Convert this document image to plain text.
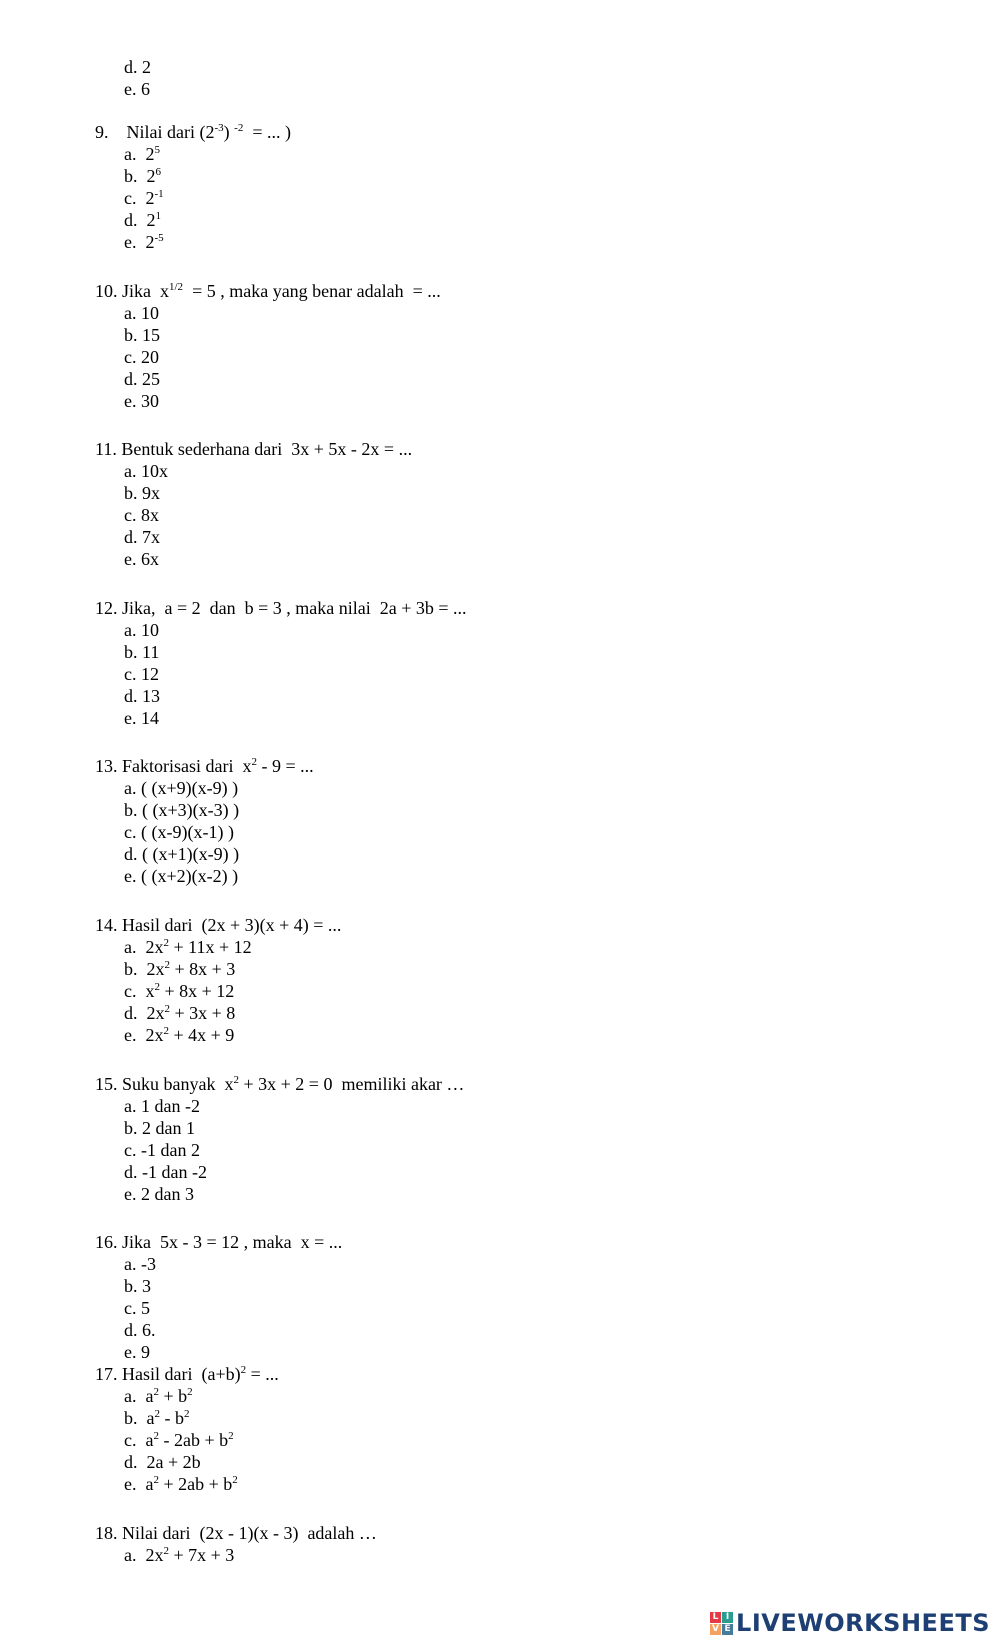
d. 2
e. 6
9.    Nilai dari $(2^{-3}) ^{-2}$  = ... )
a.  $2^5$
b.  $2^6$
c.  $2^{-1}$
d.  $2^1$
e.  $2^{-5}$
10. Jika  $x^{1/2} = 5$ , maka yang benar adalah  = ...
a. 10
b. 15
c. 20
d. 25
e. 30
11. Bentuk sederhana dari  3x + 5x - 2x = ...
a. 10x
b. 9x
c. 8x
d. 7x
e. 6x
12. Jika,  a = 2  dan  b = 3 , maka nilai  2a + 3b = ...
a. 10
b. 11
c. 12
d. 13
e. 14
13. Faktorisasi dari  $x^2 - 9$ = ...
a. ( (x+9)(x-9) )
b. ( (x+3)(x-3) )
c. ( (x-9)(x-1) )
d. ( (x+1)(x-9) )
e. ( (x+2)(x-2) )
14. Hasil dari  (2x + 3)(x + 4) = ...
a.  $2x^2 + 11x + 12$
b.  $2x^2 + 8x + 3$
c.  $x^2 + 8x + 12$
d.  $2x^2 + 3x + 8$
e.  $2x^2 + 4x + 9$
15. Suku banyak  $x^2 + 3x + 2 = 0$  memiliki akar …
a. 1 dan -2
b. 2 dan 1
c. -1 dan 2
d. -1 dan -2
e. 2 dan 3
16. Jika  5x - 3 = 12 , maka  x = ...
a. -3
b. 3
c. 5
d. 6.
e. 9
17. Hasil dari  $(a+b)^2$ = ...
a.  $a^2 + b^2$
b.  $a^2 - b^2$
c.  $a^2 - 2ab + b^2$
d.  2a + 2b
e.  $a^2 + 2ab + b^2$
18. Nilai dari  (2x - 1)(x - 3)  adalah …
a.  $2x^2 + 7x + 3$
L I
V E LIVEWORKSHEETS
